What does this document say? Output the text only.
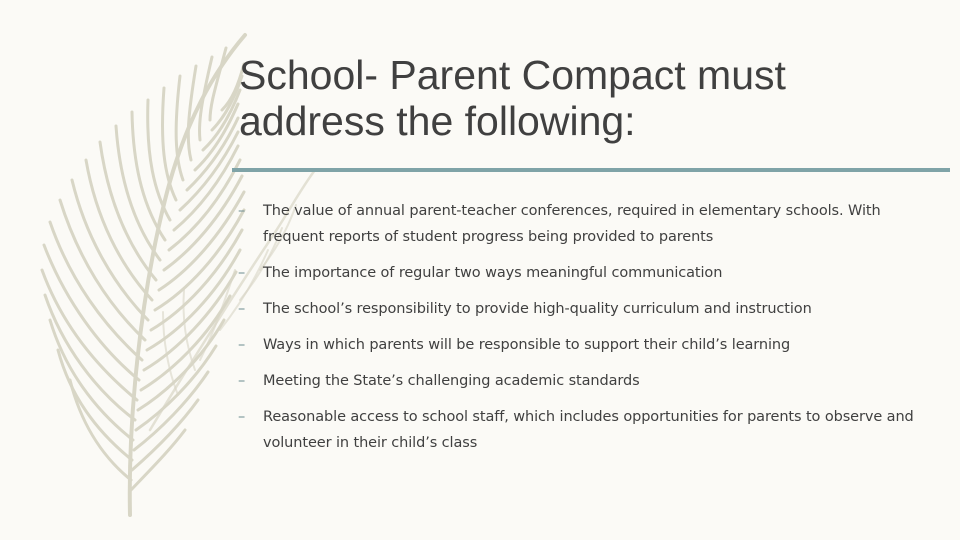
School- Parent Compact must
address the following:
–	The value of annual parent-teacher conferences, required in elementary schools. With frequent reports of student progress being provided to parents
–	The importance of regular two ways meaningful communication
–	The school’s responsibility to provide high-quality curriculum and instruction
–	Ways in which parents will be responsible to support their child’s learning
–	Meeting the State’s challenging academic standards
–	Reasonable access to school staff, which includes opportunities for parents to observe and volunteer in their child’s class
